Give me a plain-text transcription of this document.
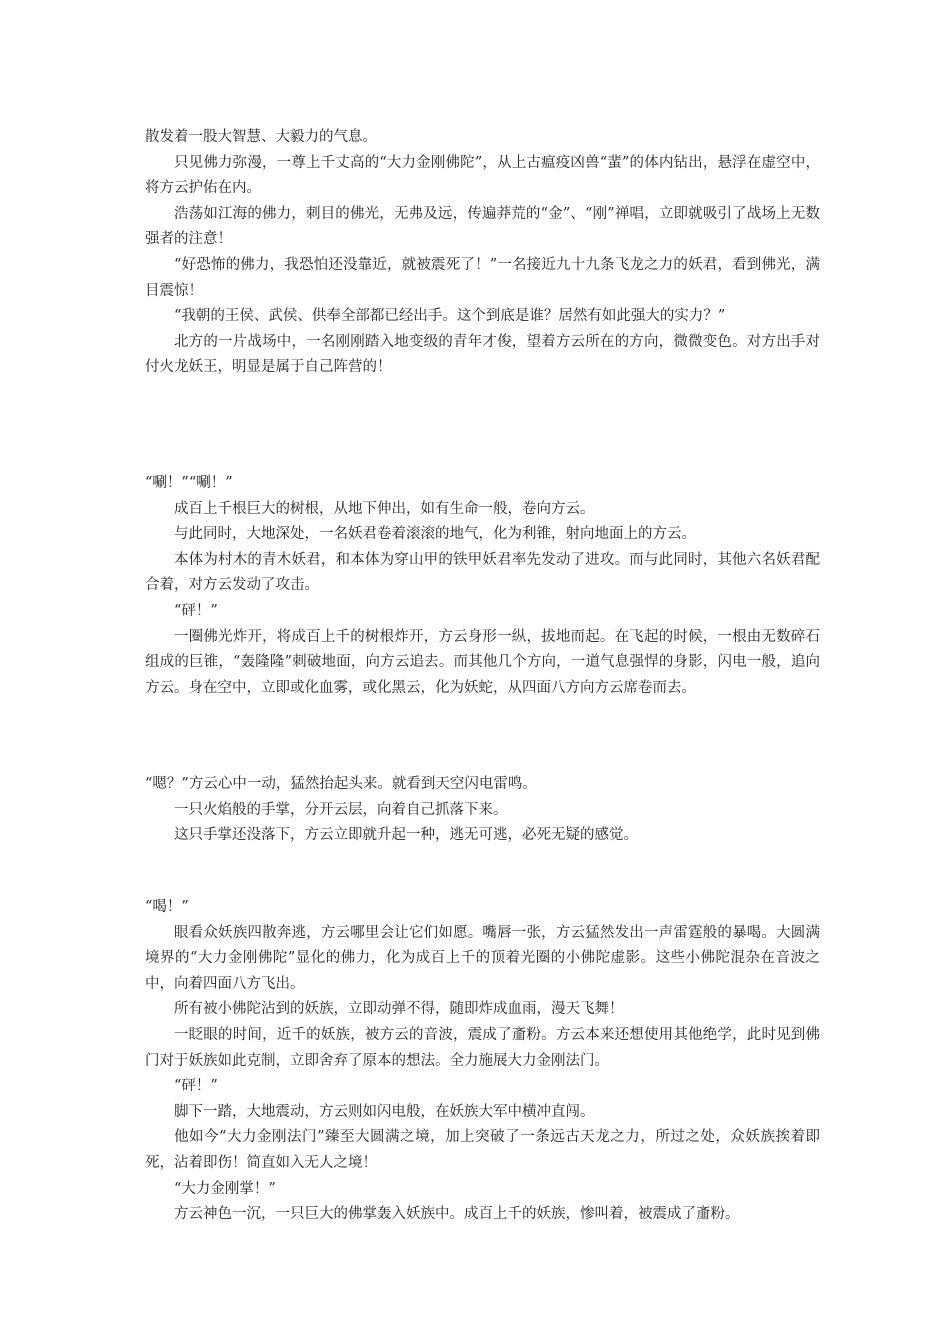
散发着一股大智慧、大毅力的气息。

只见佛力弥漫，一尊上千丈高的“大力金刚佛陀”，从上古瘟疫凶兽“蜚”的体内钻出，悬浮在虚空中，将方云护佑在内。

浩荡如江海的佛力，刺目的佛光，无弗及远，传遍莽荒的“金”、“刚”禅唱，立即就吸引了战场上无数强者的注意！

“好恐怖的佛力，我恐怕还没靠近，就被震死了！”一名接近九十九条飞龙之力的妖君，看到佛光，满目震惊！

“我朝的王侯、武侯、供奉全部都已经出手。这个到底是谁？居然有如此强大的实力？”

北方的一片战场中，一名刚刚踏入地变级的青年才俊，望着方云所在的方向，微微变色。对方出手对付火龙妖王，明显是属于自己阵营的！

“唰！”“唰！”

成百上千根巨大的树根，从地下伸出，如有生命一般，卷向方云。

与此同时，大地深处，一名妖君卷着滚滚的地气，化为利锥，射向地面上的方云。

本体为村木的青木妖君，和本体为穿山甲的铁甲妖君率先发动了进攻。而与此同时，其他六名妖君配合着，对方云发动了攻击。

“砰！”

一圈佛光炸开，将成百上千的树根炸开，方云身形一纵，拔地而起。在飞起的时候，一根由无数碎石组成的巨锥，“轰隆隆”刺破地面，向方云追去。而其他几个方向，一道气息强悍的身影，闪电一般，追向方云。身在空中，立即或化血雾，或化黑云，化为妖蛇，从四面八方向方云席卷而去。

“嗯？”方云心中一动，猛然抬起头来。就看到天空闪电雷鸣。

一只火焰般的手掌，分开云层，向着自己抓落下来。

这只手掌还没落下，方云立即就升起一种，逃无可逃，必死无疑的感觉。

“喝！”

眼看众妖族四散奔逃，方云哪里会让它们如愿。嘴唇一张，方云猛然发出一声雷霆般的暴喝。大圆满境界的“大力金刚佛陀”显化的佛力，化为成百上千的顶着光圈的小佛陀虚影。这些小佛陀混杂在音波之中，向着四面八方飞出。

所有被小佛陀沾到的妖族，立即动弹不得，随即炸成血雨，漫天飞舞！

一眨眼的时间，近千的妖族，被方云的音波，震成了齑粉。方云本来还想使用其他绝学，此时见到佛门对于妖族如此克制，立即舍弃了原本的想法。全力施展大力金刚法门。

“砰！”

脚下一踏，大地震动，方云则如闪电般，在妖族大军中横冲直闯。

他如今“大力金刚法门”臻至大圆满之境，加上突破了一条远古天龙之力，所过之处，众妖族挨着即死，沾着即伤！简直如入无人之境！

“大力金刚掌！”

方云神色一沉，一只巨大的佛掌轰入妖族中。成百上千的妖族，惨叫着，被震成了齑粉。
